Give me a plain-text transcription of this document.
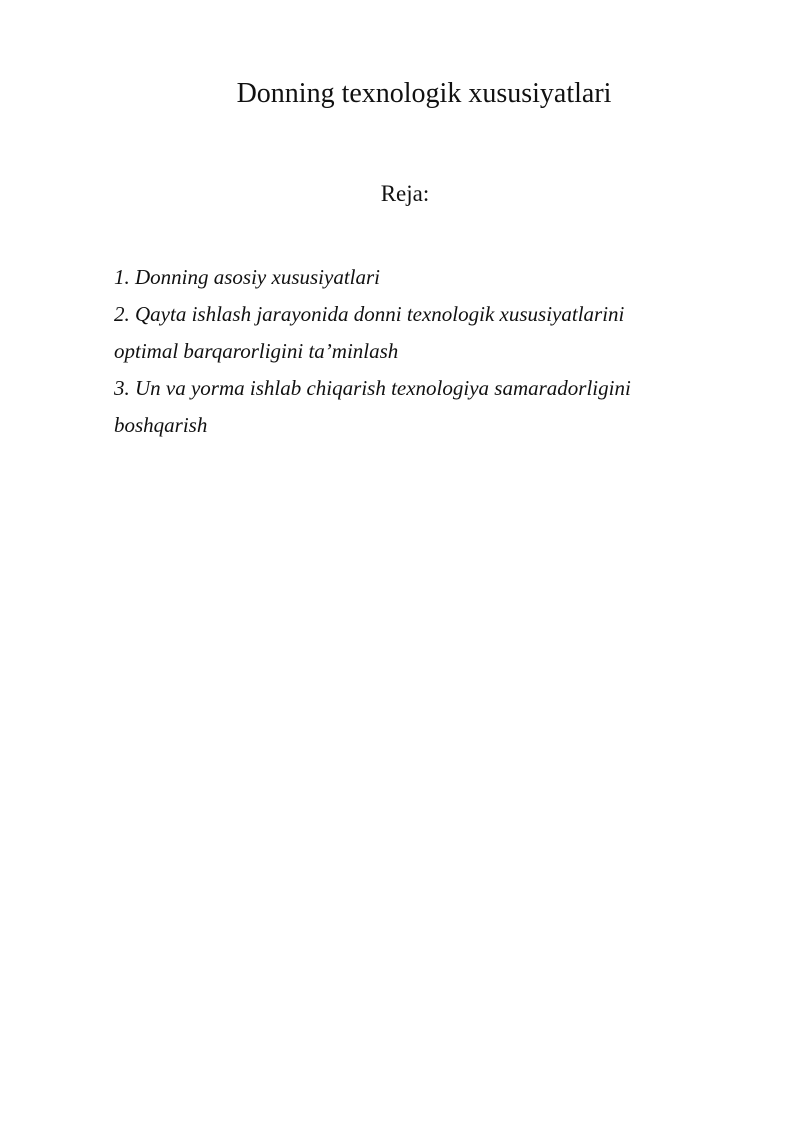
Donning texnologik xususiyatlari

Reja:

1. Donning asosiy xususiyatlari
2. Qayta ishlash jarayonida donni texnologik xususiyatlarini optimal barqarorligini ta’minlash
3. Un va yorma ishlab chiqarish texnologiya samaradorligini boshqarish
